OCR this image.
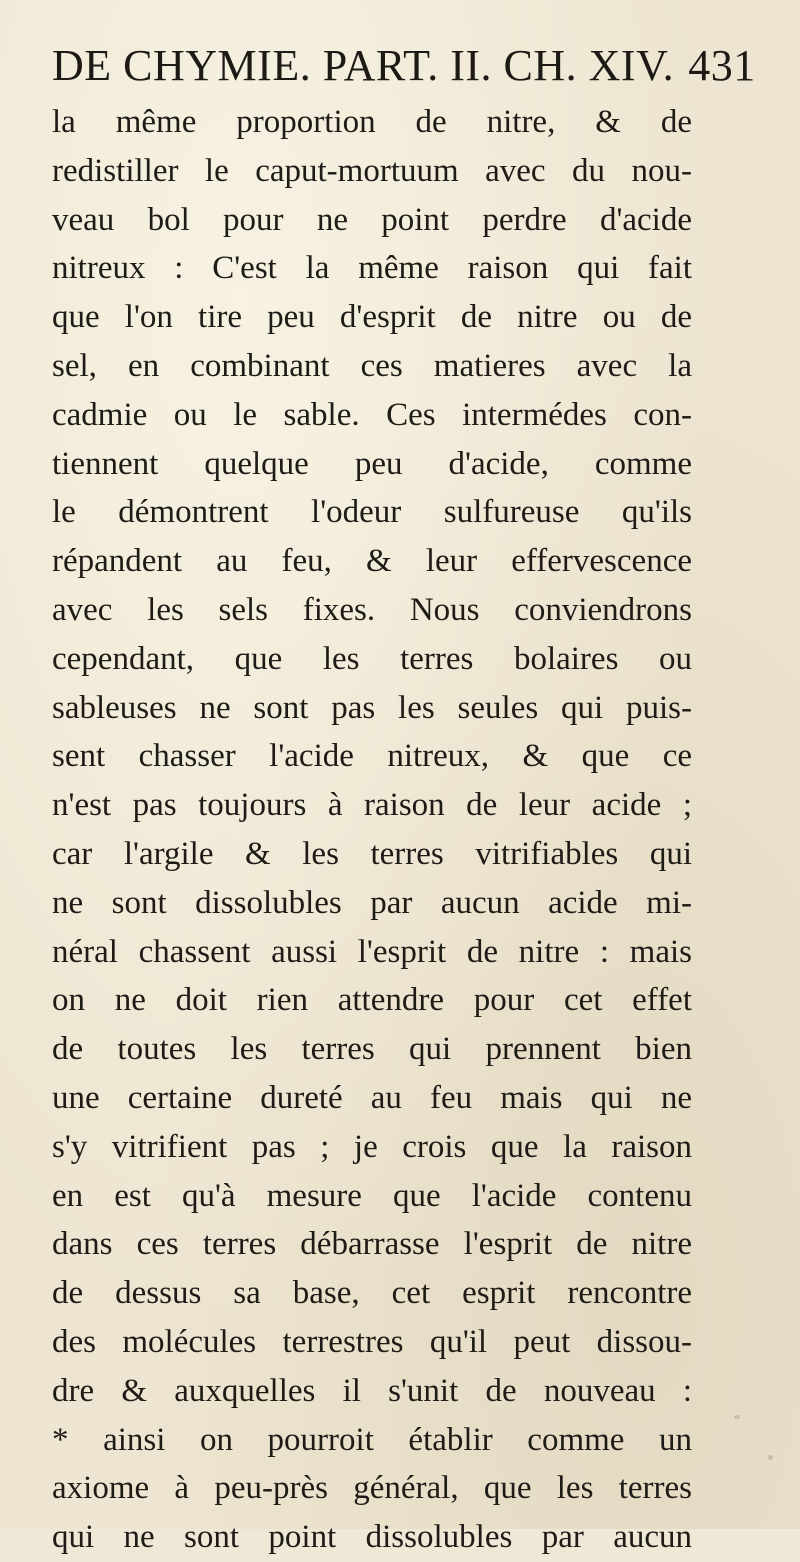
DE CHYMIE. PART. II. CH. XIV. 431
la même proportion de nitre, & de
redistiller le caput-mortuum avec du nou-
veau bol pour ne point perdre d'acide
nitreux : C'est la même raison qui fait
que l'on tire peu d'esprit de nitre ou de
sel, en combinant ces matieres avec la
cadmie ou le sable. Ces intermédes con-
tiennent quelque peu d'acide, comme
le démontrent l'odeur sulfureuse qu'ils
répandent au feu, & leur effervescence
avec les sels fixes. Nous conviendrons
cependant, que les terres bolaires ou
sableuses ne sont pas les seules qui puis-
sent chasser l'acide nitreux, & que ce
n'est pas toujours à raison de leur acide ;
car l'argile & les terres vitrifiables qui
ne sont dissolubles par aucun acide mi-
néral chassent aussi l'esprit de nitre : mais
on ne doit rien attendre pour cet effet
de toutes les terres qui prennent bien
une certaine dureté au feu mais qui ne
s'y vitrifient pas ; je crois que la raison
en est qu'à mesure que l'acide contenu
dans ces terres débarrasse l'esprit de nitre
de dessus sa base, cet esprit rencontre
des molécules terrestres qu'il peut dissou-
dre & auxquelles il s'unit de nouveau :
* ainsi on pourroit établir comme un
axiome à peu-près général, que les terres
qui ne sont point dissolubles par aucun
